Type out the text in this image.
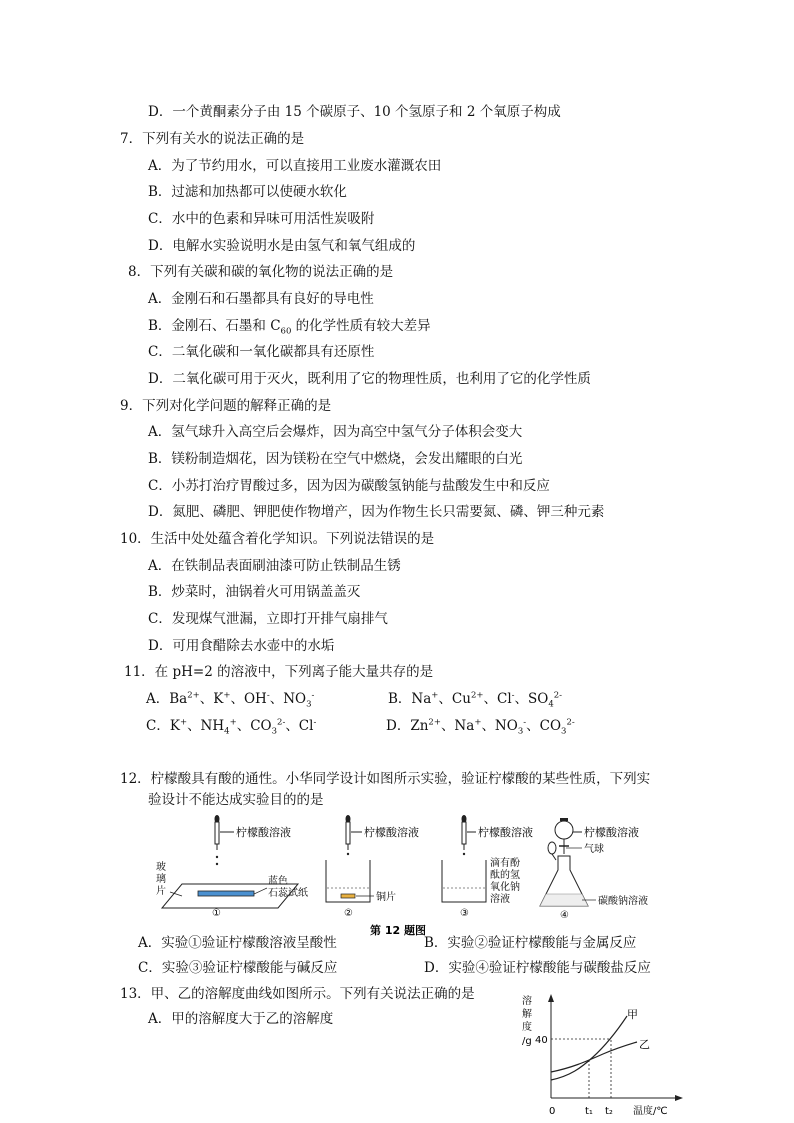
D．一个黄酮素分子由 15 个碳原子、10 个氢原子和 2 个氧原子构成
7．下列有关水的说法正确的是
A．为了节约用水，可以直接用工业废水灌溉农田
B．过滤和加热都可以使硬水软化
C．水中的色素和异味可用活性炭吸附
D．电解水实验说明水是由氢气和氧气组成的
8．下列有关碳和碳的氧化物的说法正确的是
A．金刚石和石墨都具有良好的导电性
B．金刚石、石墨和 $C_{60}$ 的化学性质有较大差异
C．二氧化碳和一氧化碳都具有还原性
D．二氧化碳可用于灭火，既利用了它的物理性质，也利用了它的化学性质
9．下列对化学问题的解释正确的是
A．氢气球升入高空后会爆炸，因为高空中氢气分子体积会变大
B．镁粉制造烟花，因为镁粉在空气中燃烧，会发出耀眼的白光
C．小苏打治疗胃酸过多，因为因为碳酸氢钠能与盐酸发生中和反应
D．氮肥、磷肥、钾肥使作物增产，因为作物生长只需要氮、磷、钾三种元素
10．生活中处处蕴含着化学知识。下列说法错误的是
A．在铁制品表面刷油漆可防止铁制品生锈
B．炒菜时，油锅着火可用锅盖盖灭
C．发现煤气泄漏，立即打开排气扇排气
D．可用食醋除去水壶中的水垢
11．在 pH=2 的溶液中，下列离子能大量共存的是
A．$Ba^{2+}$、K+、OH-、$NO_3^-$	B．Na+、$Cu^{2+}$、Cl-、$SO_4^{2-}$
C．K+、$NH_4^+$、$CO_3^{2-}$、Cl-	D．$Zn^{2+}$、Na+、$NO_3^-$、$CO_3^{2-}$
12．柠檬酸具有酸的通性。小华同学设计如图所示实验，验证柠檬酸的某些性质，下列实
验设计不能达成实验目的的是
柠檬酸溶液
玻
璃
片
蓝色
石蕊试纸
①
柠檬酸溶液
铜片
②
柠檬酸溶液
滴有酚
酞的氢
氧化钠
溶液
③
柠檬酸溶液
气球
碳酸钠溶液
④
第 12 题图
A．实验①验证柠檬酸溶液呈酸性	B．实验②验证柠檬酸能与金属反应
C．实验③验证柠檬酸能与碱反应	D．实验④验证柠檬酸能与碳酸盐反应
13．甲、乙的溶解度曲线如图所示。下列有关说法正确的是
A．甲的溶解度大于乙的溶解度
溶
解
度
/g
0	t₁ t₂ 温度/℃
40
甲
乙
